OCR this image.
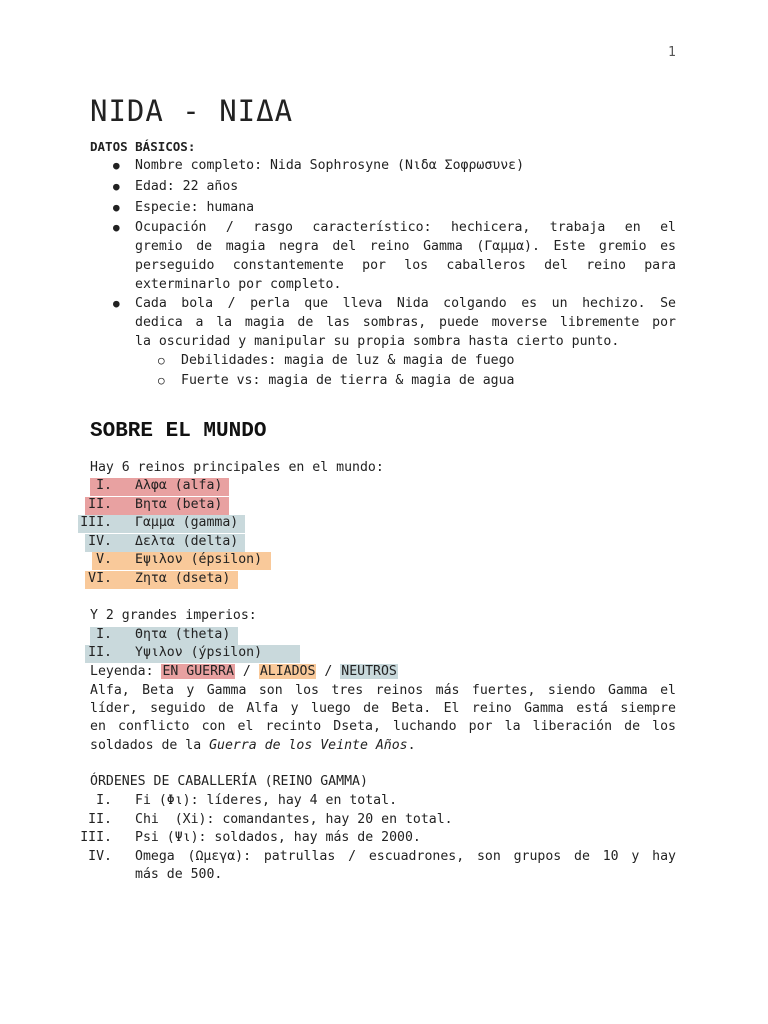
1
NIDA - NIΔA
DATOS BÁSICOS:
● Nombre completo: Nida Sophrosyne (Νιδα Σοφρωσυνε)
● Edad: 22 años
● Especie: humana
● Ocupación / rasgo característico: hechicera, trabaja en el
gremio de magia negra del reino Gamma (Γαμμα). Este gremio es
perseguido constantemente por los caballeros del reino para
exterminarlo por completo.
● Cada bola / perla que lleva Nida colgando es un hechizo. Se
dedica a la magia de las sombras, puede moverse libremente por
la oscuridad y manipular su propia sombra hasta cierto punto.
○ Debilidades: magia de luz & magia de fuego
○ Fuerte vs: magia de tierra & magia de agua
SOBRE EL MUNDO
Hay 6 reinos principales en el mundo:
I. Αλφα (alfa)
II. Βητα (beta)
III. Γαμμα (gamma)
IV. Δελτα (delta)
V. Εψιλον (épsilon)
VI. Ζητα (dseta)
Y 2 grandes imperios:
I. Θητα (theta)
II. Υψιλον (ýpsilon)
Leyenda: EN GUERRA / ALIADOS / NEUTROS
Alfa, Beta y Gamma son los tres reinos más fuertes, siendo Gamma el
líder, seguido de Alfa y luego de Beta. El reino Gamma está siempre
en conflicto con el recinto Dseta, luchando por la liberación de los
soldados de la Guerra de los Veinte Años.
ÓRDENES DE CABALLERÍA (REINO GAMMA)
I. Fi (Φι): líderes, hay 4 en total.
II. Chi  (Xi): comandantes, hay 20 en total.
III. Psi (Ψι): soldados, hay más de 2000.
IV. Omega (Ωμεγα): patrullas / escuadrones, son grupos de 10 y hay
más de 500.
